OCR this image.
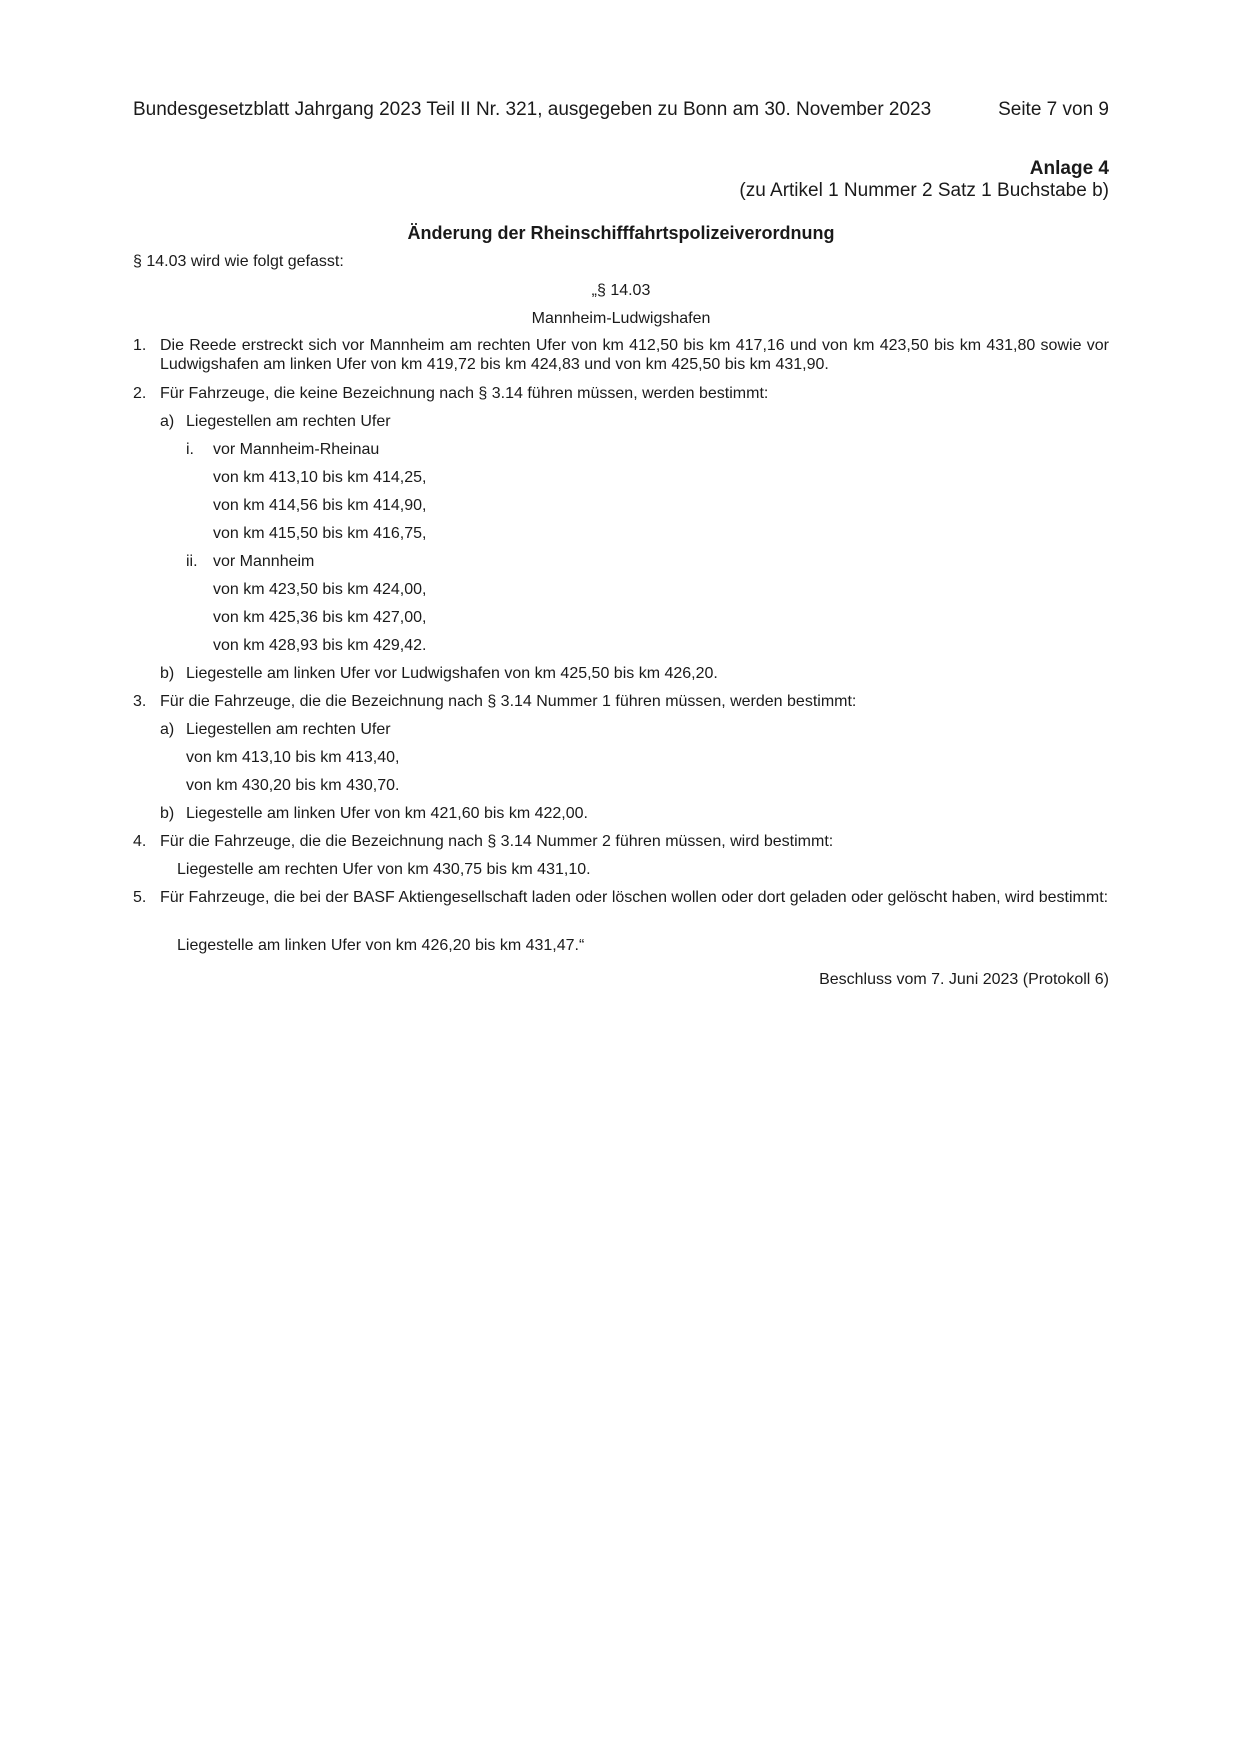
Bundesgesetzblatt Jahrgang 2023 Teil II Nr. 321, ausgegeben zu Bonn am 30. November 2023	Seite 7 von 9
Anlage 4
(zu Artikel 1 Nummer 2 Satz 1 Buchstabe b)
Änderung der Rheinschifffahrtspolizeiverordnung
§ 14.03 wird wie folgt gefasst:
„§ 14.03
Mannheim-Ludwigshafen
1. Die Reede erstreckt sich vor Mannheim am rechten Ufer von km 412,50 bis km 417,16 und von km 423,50 bis km 431,80 sowie vor Ludwigshafen am linken Ufer von km 419,72 bis km 424,83 und von km 425,50 bis km 431,90.
2. Für Fahrzeuge, die keine Bezeichnung nach § 3.14 führen müssen, werden bestimmt:
a) Liegestellen am rechten Ufer
i. vor Mannheim-Rheinau
von km 413,10 bis km 414,25,
von km 414,56 bis km 414,90,
von km 415,50 bis km 416,75,
ii. vor Mannheim
von km 423,50 bis km 424,00,
von km 425,36 bis km 427,00,
von km 428,93 bis km 429,42.
b) Liegestelle am linken Ufer vor Ludwigshafen von km 425,50 bis km 426,20.
3. Für die Fahrzeuge, die die Bezeichnung nach § 3.14 Nummer 1 führen müssen, werden bestimmt:
a) Liegestellen am rechten Ufer
von km 413,10 bis km 413,40,
von km 430,20 bis km 430,70.
b) Liegestelle am linken Ufer von km 421,60 bis km 422,00.
4. Für die Fahrzeuge, die die Bezeichnung nach § 3.14 Nummer 2 führen müssen, wird bestimmt:
Liegestelle am rechten Ufer von km 430,75 bis km 431,10.
5. Für Fahrzeuge, die bei der BASF Aktiengesellschaft laden oder löschen wollen oder dort geladen oder gelöscht haben, wird bestimmt:
Liegestelle am linken Ufer von km 426,20 bis km 431,47.“
Beschluss vom 7. Juni 2023 (Protokoll 6)
